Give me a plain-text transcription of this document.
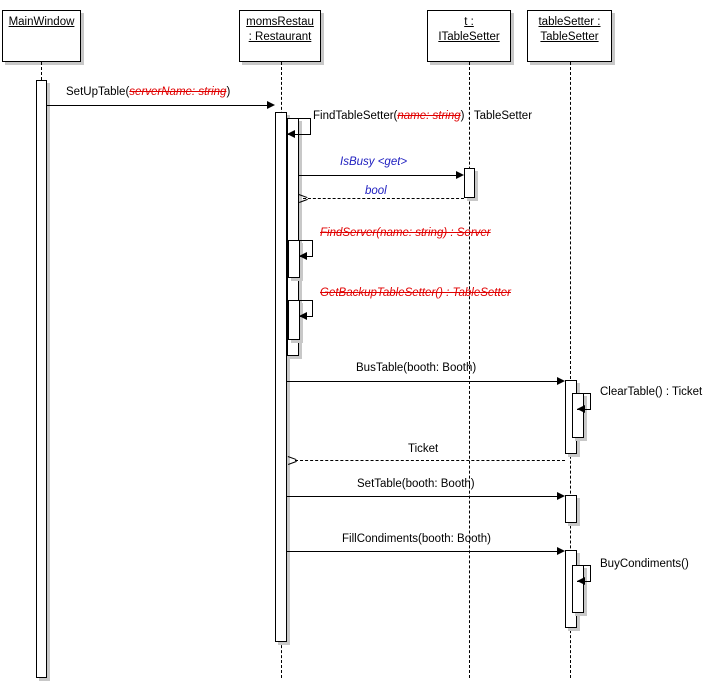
MainWindow	momsRestau
: Restaurant
t :
ITableSetter
tableSetter :
TableSetter
SetUpTable(serverName: string)
FindTableSetter(name: string) : TableSetter
IsBusy <get>
bool
FindServer(name: string) : Server
GetBackupTableSetter() : TableSetter
BusTable(booth: Booth)
ClearTable() : Ticket
Ticket
SetTable(booth: Booth)
FillCondiments(booth: Booth)
BuyCondiments()
